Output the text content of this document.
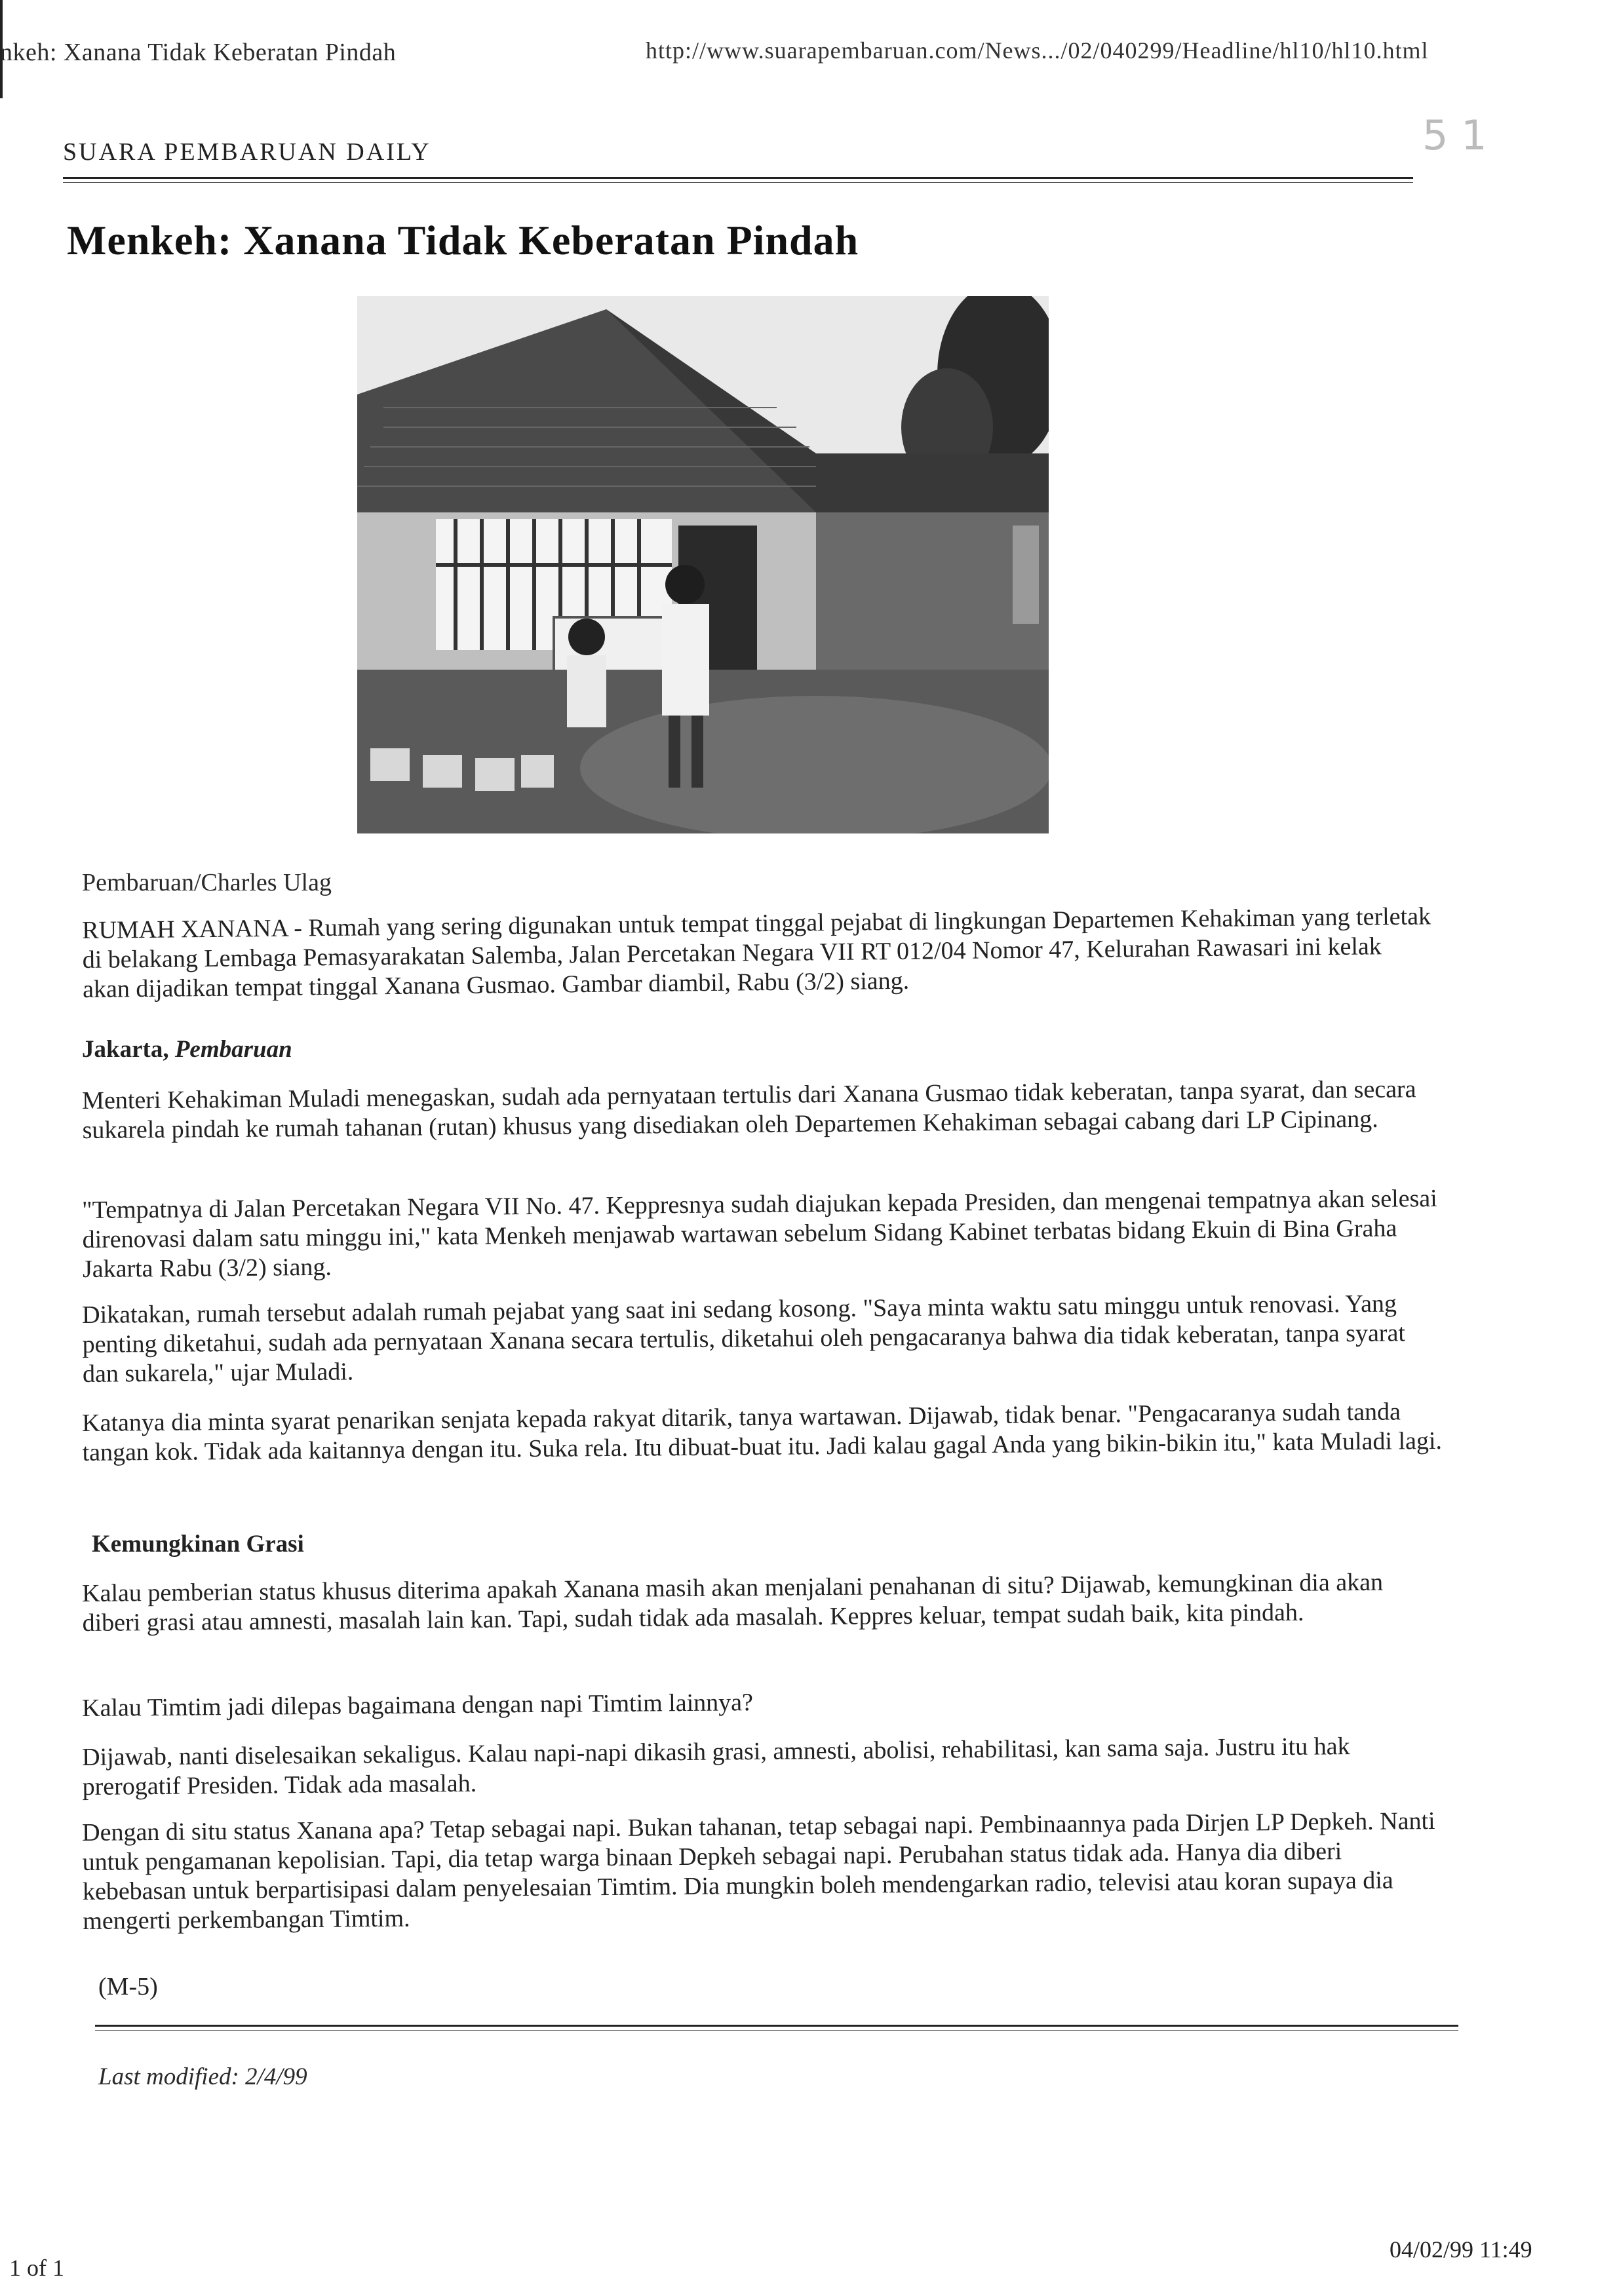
nkeh: Xanana Tidak Keberatan Pindah	http://www.suarapembaruan.com/News.../02/040299/Headline/hl10/hl10.html
SUARA PEMBARUAN DAILY	5 1
Menkeh: Xanana Tidak Keberatan Pindah
Pembaruan/Charles Ulag
RUMAH XANANA - Rumah yang sering digunakan untuk tempat tinggal pejabat di lingkungan Departemen Kehakiman yang terletak di belakang Lembaga Pemasyarakatan Salemba, Jalan Percetakan Negara VII RT 012/04 Nomor 47, Kelurahan Rawasari ini kelak akan dijadikan tempat tinggal Xanana Gusmao. Gambar diambil, Rabu (3/2) siang.
Jakarta, Pembaruan
Menteri Kehakiman Muladi menegaskan, sudah ada pernyataan tertulis dari Xanana Gusmao tidak keberatan, tanpa syarat, dan secara sukarela pindah ke rumah tahanan (rutan) khusus yang disediakan oleh Departemen Kehakiman sebagai cabang dari LP Cipinang.
"Tempatnya di Jalan Percetakan Negara VII No. 47. Keppresnya sudah diajukan kepada Presiden, dan mengenai tempatnya akan selesai direnovasi dalam satu minggu ini," kata Menkeh menjawab wartawan sebelum Sidang Kabinet terbatas bidang Ekuin di Bina Graha Jakarta Rabu (3/2) siang.
Dikatakan, rumah tersebut adalah rumah pejabat yang saat ini sedang kosong. "Saya minta waktu satu minggu untuk renovasi. Yang penting diketahui, sudah ada pernyataan Xanana secara tertulis, diketahui oleh pengacaranya bahwa dia tidak keberatan, tanpa syarat dan sukarela," ujar Muladi.
Katanya dia minta syarat penarikan senjata kepada rakyat ditarik, tanya wartawan. Dijawab, tidak benar. "Pengacaranya sudah tanda tangan kok. Tidak ada kaitannya dengan itu. Suka rela. Itu dibuat-buat itu. Jadi kalau gagal Anda yang bikin-bikin itu," kata Muladi lagi.
Kemungkinan Grasi
Kalau pemberian status khusus diterima apakah Xanana masih akan menjalani penahanan di situ? Dijawab, kemungkinan dia akan diberi grasi atau amnesti, masalah lain kan. Tapi, sudah tidak ada masalah. Keppres keluar, tempat sudah baik, kita pindah.
Kalau Timtim jadi dilepas bagaimana dengan napi Timtim lainnya?
Dijawab, nanti diselesaikan sekaligus. Kalau napi-napi dikasih grasi, amnesti, abolisi, rehabilitasi, kan sama saja. Justru itu hak prerogatif Presiden. Tidak ada masalah.
Dengan di situ status Xanana apa? Tetap sebagai napi. Bukan tahanan, tetap sebagai napi. Pembinaannya pada Dirjen LP Depkeh. Nanti untuk pengamanan kepolisian. Tapi, dia tetap warga binaan Depkeh sebagai napi. Perubahan status tidak ada. Hanya dia diberi kebebasan untuk berpartisipasi dalam penyelesaian Timtim. Dia mungkin boleh mendengarkan radio, televisi atau koran supaya dia mengerti perkembangan Timtim.
(M-5)
Last modified: 2/4/99
1 of 1
04/02/99 11:49
